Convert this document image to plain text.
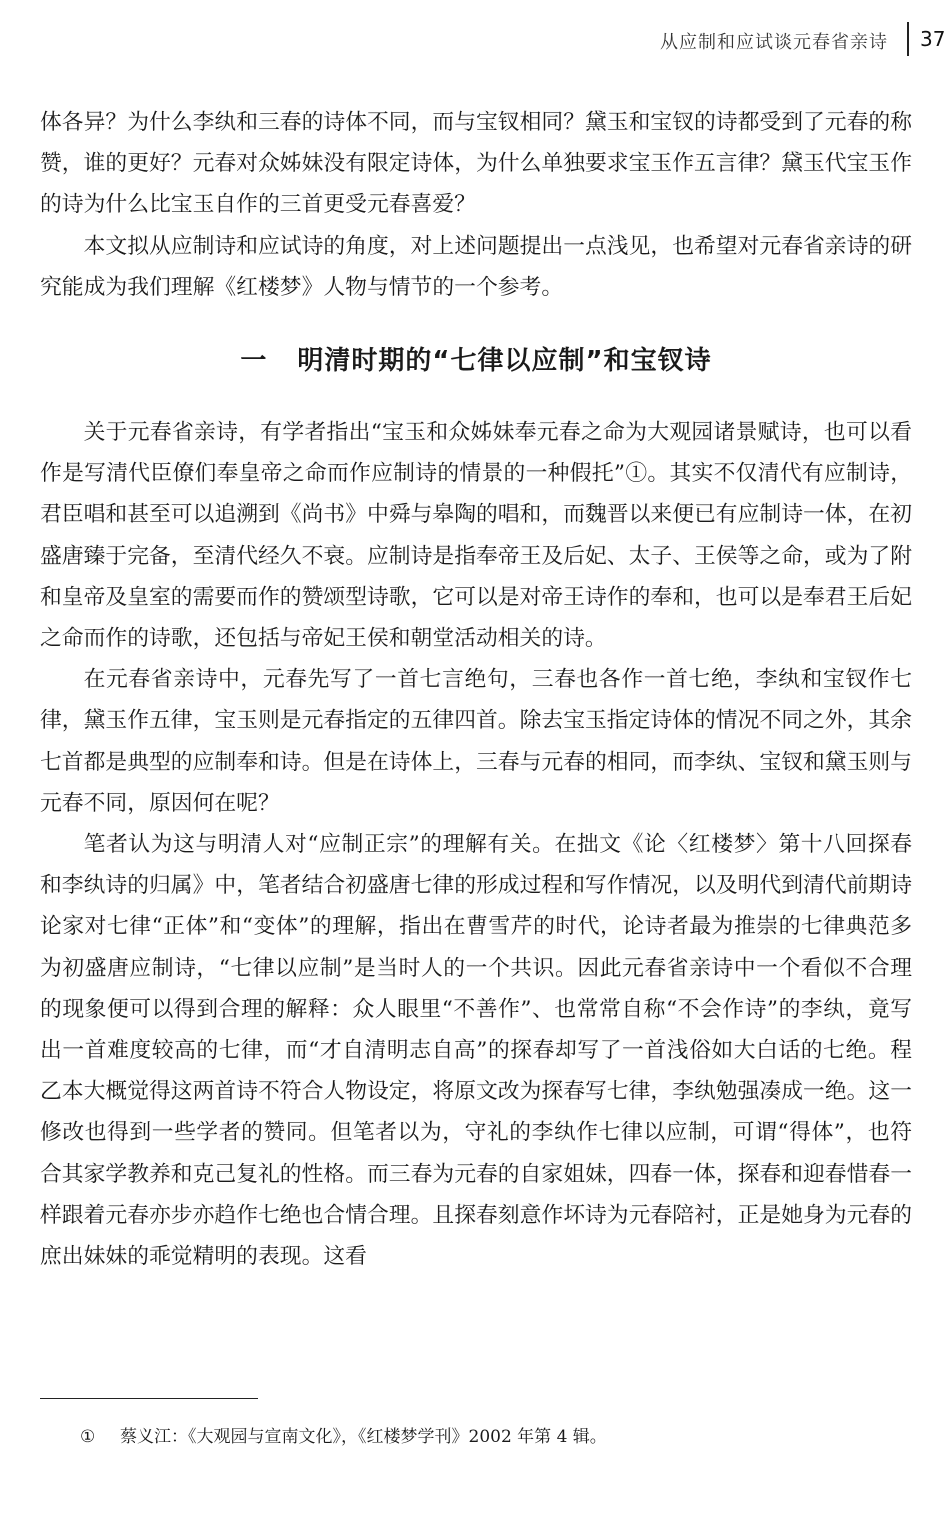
从应制和应试谈元春省亲诗 37

体各异？为什么李纨和三春的诗体不同，而与宝钗相同？黛玉和宝钗的诗都受到了元春的称赞，谁的更好？元春对众姊妹没有限定诗体，为什么单独要求宝玉作五言律？黛玉代宝玉作的诗为什么比宝玉自作的三首更受元春喜爱？

本文拟从应制诗和应试诗的角度，对上述问题提出一点浅见，也希望对元春省亲诗的研究能成为我们理解《红楼梦》人物与情节的一个参考。

一 明清时期的“七律以应制”和宝钗诗

关于元春省亲诗，有学者指出“宝玉和众姊妹奉元春之命为大观园诸景赋诗，也可以看作是写清代臣僚们奉皇帝之命而作应制诗的情景的一种假托”①。其实不仅清代有应制诗，君臣唱和甚至可以追溯到《尚书》中舜与皋陶的唱和，而魏晋以来便已有应制诗一体，在初盛唐臻于完备，至清代经久不衰。应制诗是指奉帝王及后妃、太子、王侯等之命，或为了附和皇帝及皇室的需要而作的赞颂型诗歌，它可以是对帝王诗作的奉和，也可以是奉君王后妃之命而作的诗歌，还包括与帝妃王侯和朝堂活动相关的诗。

在元春省亲诗中，元春先写了一首七言绝句，三春也各作一首七绝，李纨和宝钗作七律，黛玉作五律，宝玉则是元春指定的五律四首。除去宝玉指定诗体的情况不同之外，其余七首都是典型的应制奉和诗。但是在诗体上，三春与元春的相同，而李纨、宝钗和黛玉则与元春不同，原因何在呢？

笔者认为这与明清人对“应制正宗”的理解有关。在拙文《论〈红楼梦〉第十八回探春和李纨诗的归属》中，笔者结合初盛唐七律的形成过程和写作情况，以及明代到清代前期诗论家对七律“正体”和“变体”的理解，指出在曹雪芹的时代，论诗者最为推崇的七律典范多为初盛唐应制诗，“七律以应制”是当时人的一个共识。因此元春省亲诗中一个看似不合理的现象便可以得到合理的解释：众人眼里“不善作”、也常常自称“不会作诗”的李纨，竟写出一首难度较高的七律，而“才自清明志自高”的探春却写了一首浅俗如大白话的七绝。程乙本大概觉得这两首诗不符合人物设定，将原文改为探春写七律，李纨勉强凑成一绝。这一修改也得到一些学者的赞同。但笔者以为，守礼的李纨作七律以应制，可谓“得体”，也符合其家学教养和克己复礼的性格。而三春为元春的自家姐妹，四春一体，探春和迎春惜春一样跟着元春亦步亦趋作七绝也合情合理。且探春刻意作坏诗为元春陪衬，正是她身为元春的庶出妹妹的乖觉精明的表现。这看

① 蔡义江：《大观园与宣南文化》，《红楼梦学刊》2002 年第 4 辑。
